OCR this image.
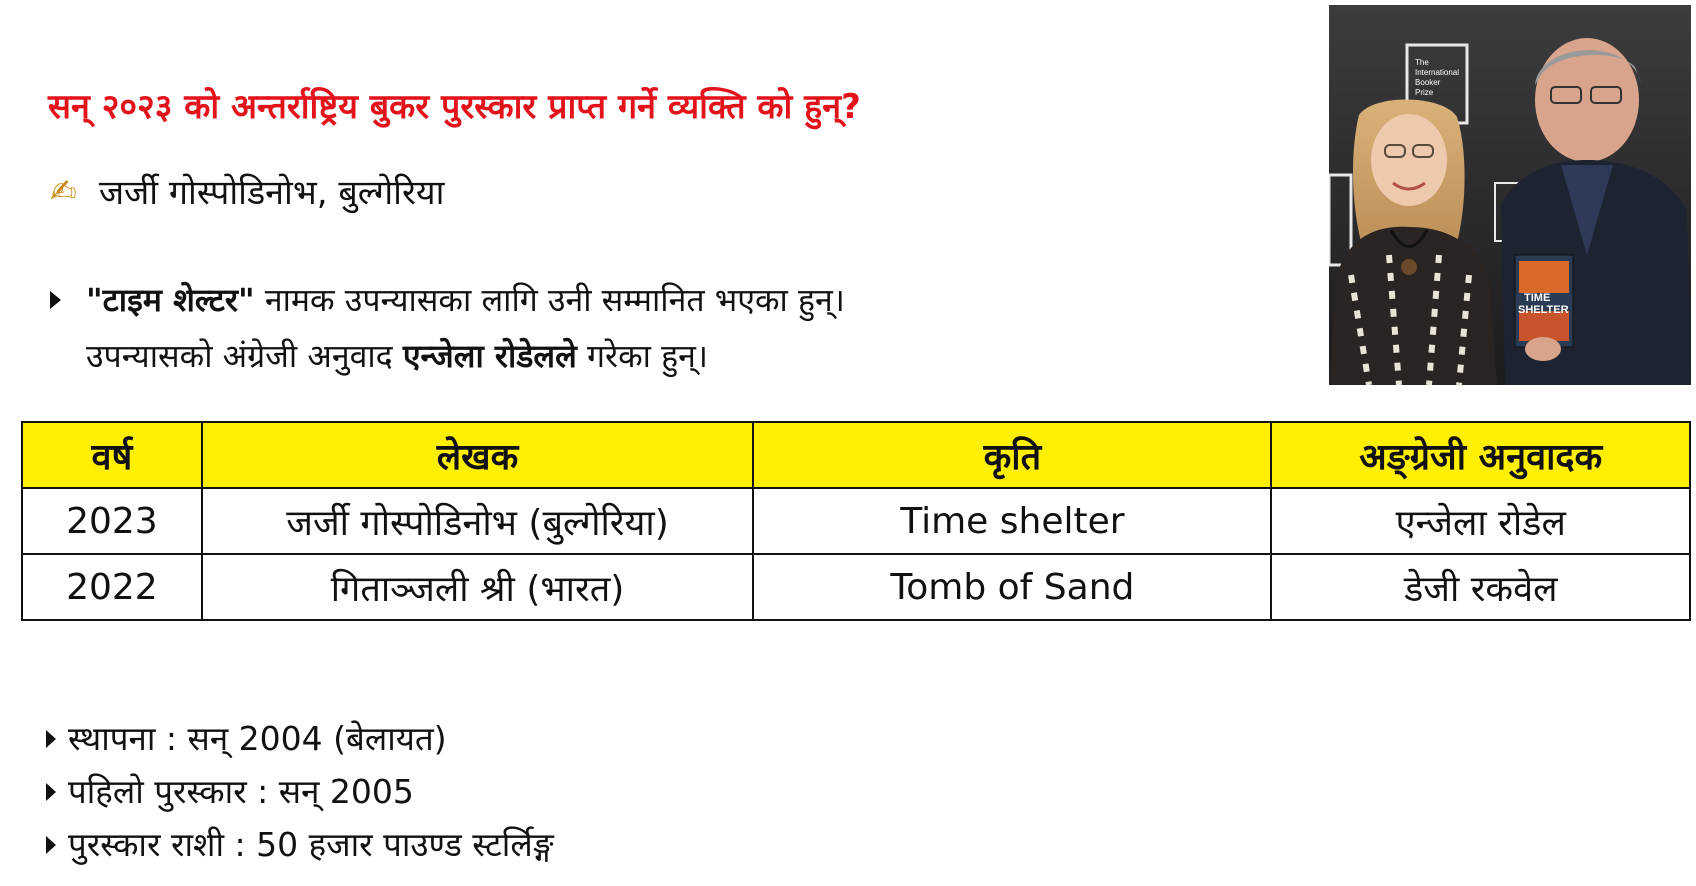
सन् २०२३ को अन्तर्राष्ट्रिय बुकर पुरस्कार प्राप्त गर्ने व्यक्ति को हुन्?
✍ जर्जी गोस्पोडिनोभ, बुल्गेरिया
"टाइम शेल्टर" नामक उपन्यासका लागि उनी सम्मानित भएका हुन्।
उपन्यासको अंग्रेजी अनुवाद एन्जेला रोडेलले गरेका हुन्।
The
International
Booker
Prize
TIME
SHELTER
वर्ष	लेखक	कृति	अङ्ग्रेजी अनुवादक
2023	जर्जी गोस्पोडिनोभ (बुल्गेरिया)	Time shelter	एन्जेला रोडेल
2022	गिताञ्जली श्री (भारत)	Tomb of Sand	डेजी रकवेल
स्थापना : सन् 2004 (बेलायत)
पहिलो पुरस्कार : सन् 2005
पुरस्कार राशी : 50 हजार पाउण्ड स्टर्लिङ्ग
